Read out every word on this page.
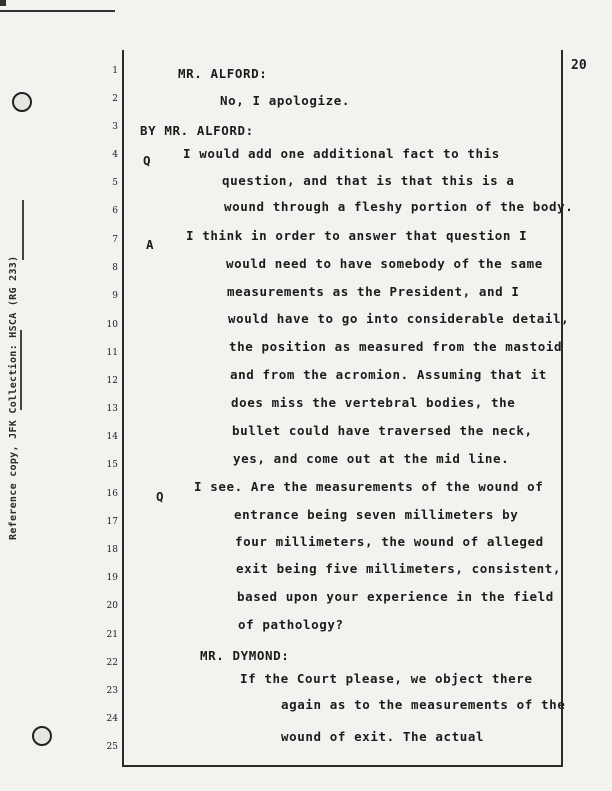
Reference copy, JFK Collection: HSCA (RG 233)
20
1
2
3
4
5
6
7
8
9
10
11
12
13
14
15
16
17
18
19
20
21
22
23
24
25
MR. ALFORD:
No, I apologize.
BY MR. ALFORD:
Q	I would add one additional fact to this
question, and that is that this is a
wound through a fleshy portion of the body.
A
I think in order to answer that question I
would need to have somebody of the same
measurements as the President, and I
would have to go into considerable detail,
the position as measured from the mastoid
and from the acromion. Assuming that it
does miss the vertebral bodies, the
bullet could have traversed the neck,
yes, and come out at the mid line.
Q
I see. Are the measurements of the wound of
entrance being seven millimeters by
four millimeters, the wound of alleged
exit being five millimeters, consistent,
based upon your experience in the field
of pathology?
MR. DYMOND:
If the Court please, we object there
again as to the measurements of the
wound of exit. The actual
